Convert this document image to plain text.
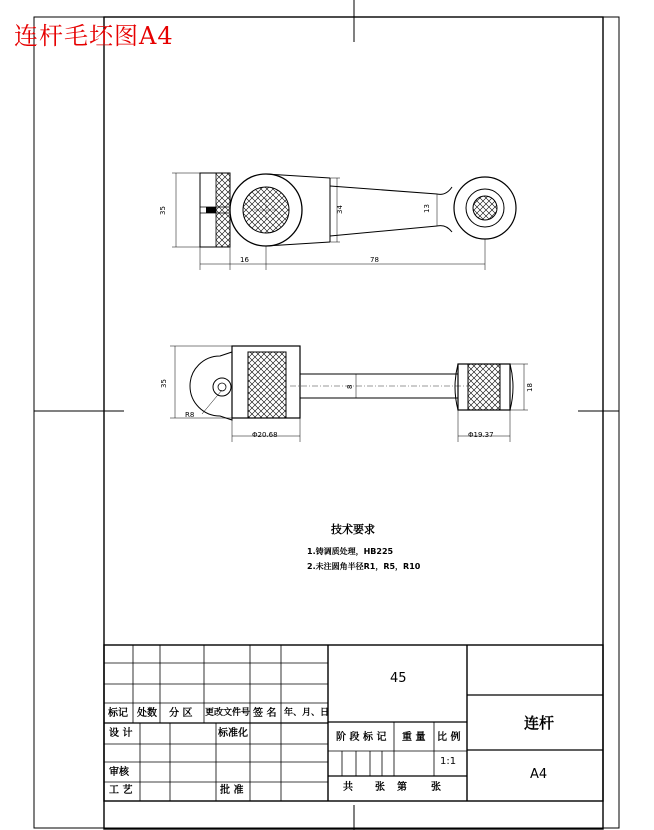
35	34	13
16	78
35
R8
Φ20.68	Φ19.37
18
8
连杆毛坯图A4
技术要求
1.铸调质处理，HB225
2.未注圆角半径R1，R5，R10
标记 处数 分 区 更改文件号 签 名 年、月、日
设 计	标准化
审核
工 艺	批 准
45
阶 段 标 记 重 量 比 例
1:1
共 张 第 张
连杆
A4
